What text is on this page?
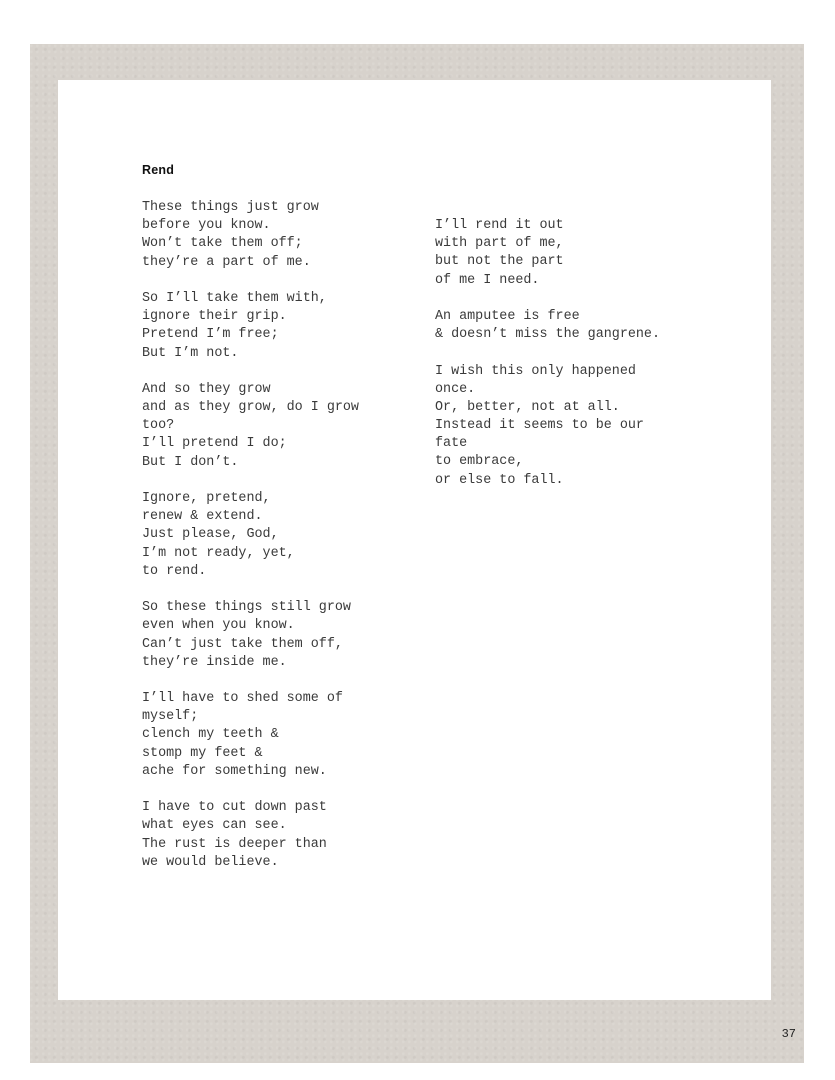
Rend
These things just grow
before you know.
Won’t take them off;
they’re a part of me.
So I’ll take them with,
ignore their grip.
Pretend I’m free;
But I’m not.
And so they grow
and as they grow, do I grow
too?
I’ll pretend I do;
But I don’t.
Ignore, pretend,
renew & extend.
Just please, God,
I’m not ready, yet,
to rend.
So these things still grow
even when you know.
Can’t just take them off,
they’re inside me.
I’ll have to shed some of
myself;
clench my teeth &
stomp my feet &
ache for something new.
I have to cut down past
what eyes can see.
The rust is deeper than
we would believe.
I’ll rend it out
with part of me,
but not the part
of me I need.
An amputee is free
& doesn’t miss the gangrene.
I wish this only happened
once.
Or, better, not at all.
Instead it seems to be our
fate
to embrace,
or else to fall.
37
